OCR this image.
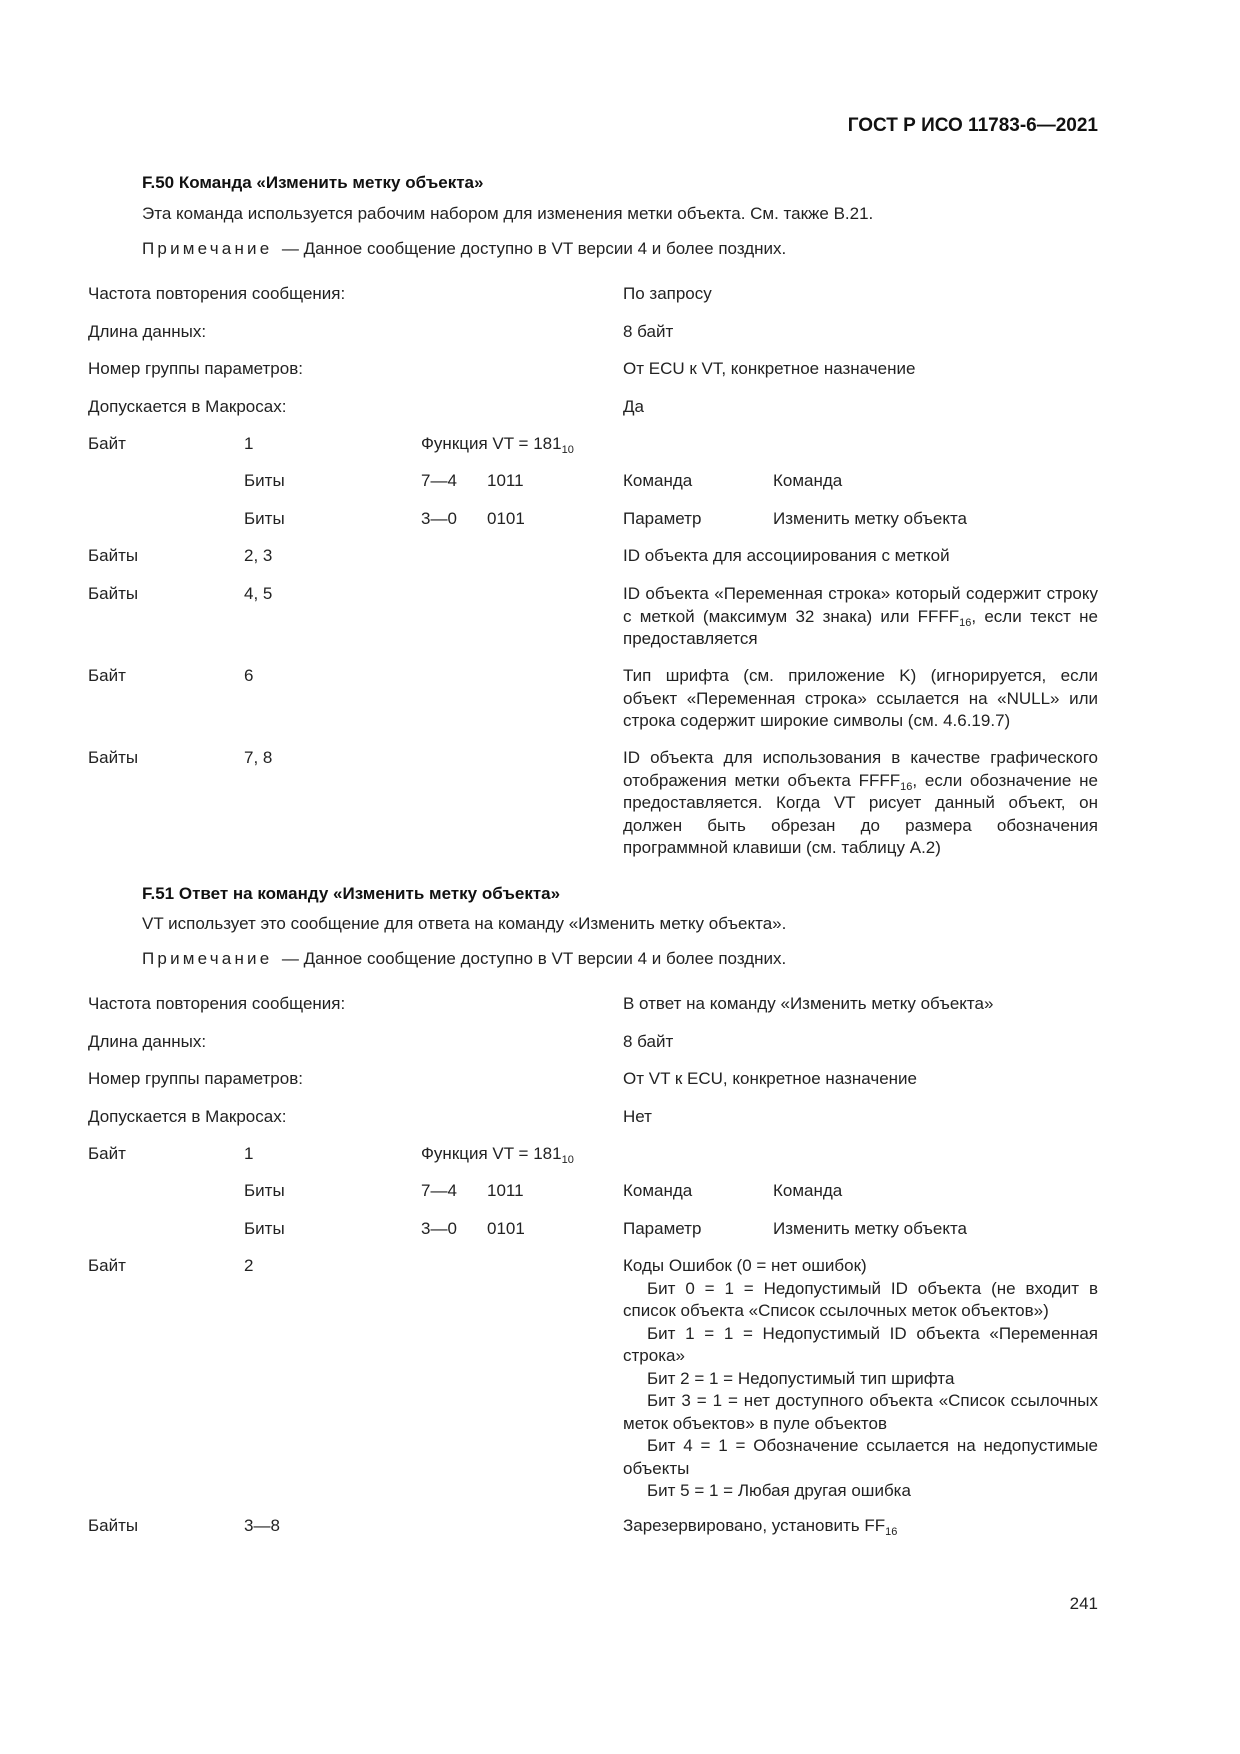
ГОСТ Р ИСО 11783-6—2021
F.50 Команда «Изменить метку объекта»
Эта команда используется рабочим набором для изменения метки объекта. См. также B.21.
Примечание — Данное сообщение доступно в VT версии 4 и более поздних.
Частота повторения сообщения:	По запросу
Длина данных:	8 байт
Номер группы параметров:	От ECU к VT, конкретное назначение
Допускается в Макросах:	Да
Байт	1	Функция VT = $181_{10}$
Биты	7—4 1011	Команда	Команда
Биты	3—0 0101	Параметр	Изменить метку объекта
Байты	2, 3	ID объекта для ассоциирования с меткой
Байты	4, 5	ID объекта «Переменная строка» который содержит строку с меткой (максимум 32 знака) или $FFFF_{16}$, если текст не предоставляется
Байт	6	Тип шрифта (см. приложение K) (игнорируется, если объект «Переменная строка» ссылается на «NULL» или строка содержит широкие символы (см. 4.6.19.7)
Байты	7, 8	ID объекта для использования в качестве графического отображения метки объекта $FFFF_{16}$, если обозначение не предоставляется. Когда VT рисует данный объект, он должен быть обрезан до размера обозначения программной клавиши (см. таблицу А.2)
F.51 Ответ на команду «Изменить метку объекта»
VT использует это сообщение для ответа на команду «Изменить метку объекта».
Примечание — Данное сообщение доступно в VT версии 4 и более поздних.
Частота повторения сообщения:	В ответ на команду «Изменить метку объекта»
Длина данных:	8 байт
Номер группы параметров:	От VT к ECU, конкретное назначение
Допускается в Макросах:	Нет
Байт	1	Функция VT = $181_{10}$
Биты	7—4 1011	Команда	Команда
Биты	3—0 0101	Параметр	Изменить метку объекта
Байт	2	Коды Ошибок (0 = нет ошибок)
Бит 0 = 1 = Недопустимый ID объекта (не входит в список объекта «Список ссылочных меток объектов»)
Бит 1 = 1 = Недопустимый ID объекта «Переменная строка»
Бит 2 = 1 = Недопустимый тип шрифта
Бит 3 = 1 = нет доступного объекта «Список ссылочных меток объектов» в пуле объектов
Бит 4 = 1 = Обозначение ссылается на недопустимые объекты
Бит 5 = 1 = Любая другая ошибка
Байты	3—8	Зарезервировано, установить $FF_{16}$
241
